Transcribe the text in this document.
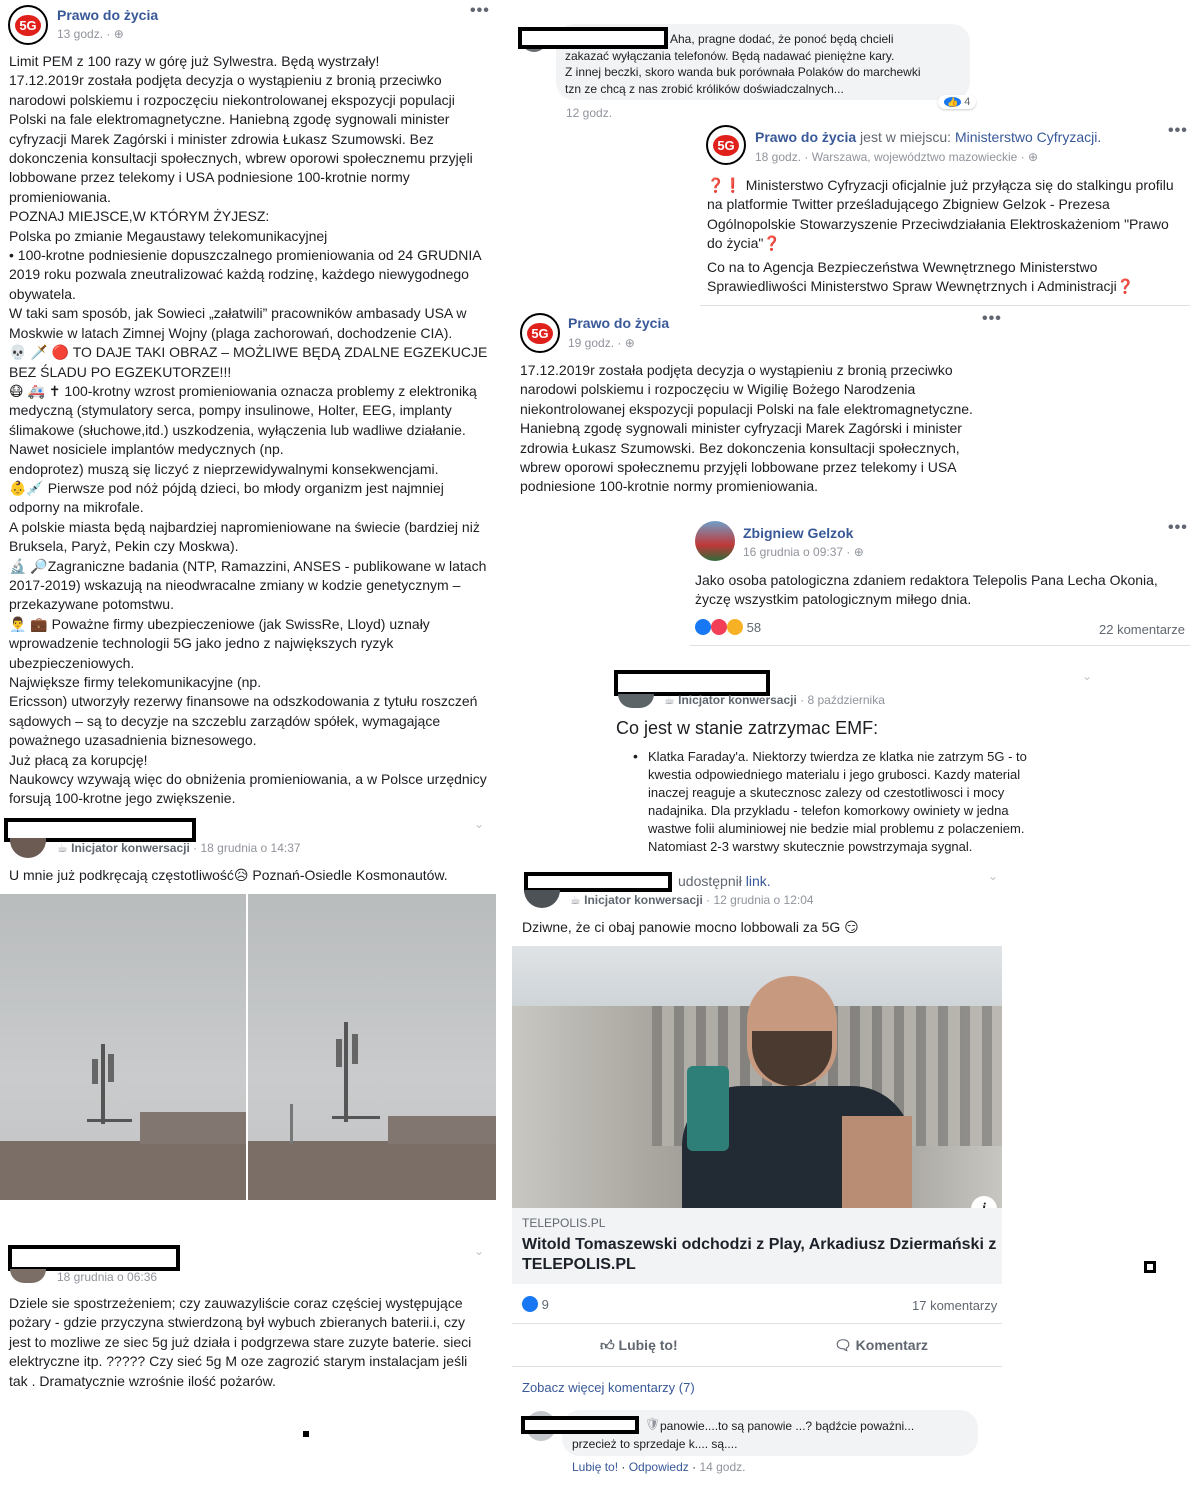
5G
Prawo do życia
13 godz. · ⊕
•••
Limit PEM z 100 razy w górę już Sylwestra. Będą wystrzały!
17.12.2019r została podjęta decyzja o wystąpieniu z bronią przeciwko
narodowi polskiemu i rozpoczęciu niekontrolowanej ekspozycji populacji
Polski na fale elektromagnetyczne. Haniebną zgodę sygnowali minister
cyfryzacji Marek Zagórski i minister zdrowia Łukasz Szumowski. Bez
dokonczenia konsultacji społecznych, wbrew oporowi społecznemu przyjęli
lobbowane przez telekomy i USA podniesione 100-krotnie normy
promieniowania.
POZNAJ MIEJSCE,W KTÓRYM ŻYJESZ:
Polska po zmianie Megaustawy telekomunikacyjnej
• 100-krotne podniesienie dopuszczalnego promieniowania od 24 GRUDNIA
2019 roku pozwala zneutralizować każdą rodzinę, każdego niewygodnego
obywatela.
W taki sam sposób, jak Sowieci „załatwili” pracowników ambasady USA w
Moskwie w latach Zimnej Wojny (plaga zachorowań, dochodzenie CIA).
💀 🗡️ 🔴 TO DAJE TAKI OBRAZ – MOŻLIWE BĘDĄ ZDALNE EGZEKUCJE
BEZ ŚLADU PO EGZEKUTORZE!!!
😷 🚑 ✝ 100-krotny wzrost promieniowania oznacza problemy z elektroniką
medyczną (stymulatory serca, pompy insulinowe, Holter, EEG, implanty
ślimakowe (słuchowe,itd.) uszkodzenia, wyłączenia lub wadliwe działanie.
Nawet nosiciele implantów medycznych (np.
endoprotez) muszą się liczyć z nieprzewidywalnymi konsekwencjami.
👶💉 Pierwsze pod nóż pójdą dzieci, bo młody organizm jest najmniej
odporny na mikrofale.
A polskie miasta będą najbardziej napromieniowane na świecie (bardziej niż
Bruksela, Paryż, Pekin czy Moskwa).
🔬 🔎Zagraniczne badania (NTP, Ramazzini, ANSES - publikowane w latach
2017-2019) wskazują na nieodwracalne zmiany w kodzie genetycznym –
przekazywane potomstwu.
👨‍💼 💼 Poważne firmy ubezpieczeniowe (jak SwissRe, Lloyd) uznały
wprowadzenie technologii 5G jako jedno z największych ryzyk
ubezpieczeniowych.
Największe firmy telekomunikacyjne (np.
Ericsson) utworzyły rezerwy finansowe na odszkodowania z tytułu roszczeń
sądowych – są to decyzje na szczeblu zarządów spółek, wymagające
poważnego uzasadnienia biznesowego.
Już płacą za korupcję!
Naukowcy wzywają więc do obniżenia promieniowania, a w Polsce urzędnicy
forsują 100-krotne jego zwiększenie.
☕ Inicjator konwersacji · 18 grudnia o 14:37
⌄
U mnie już podkręcają częstotliwość😥 Poznań-Osiedle Kosmonautów.
18 grudnia o 06:36
⌄
Dziele sie spostrzeżeniem; czy zauwazyliście coraz częściej występujące
pożary - gdzie przyczyna stwierdzoną był wybuch zbieranych baterii.i, czy
jest to mozliwe ze siec 5g już działa i podgrzewa stare zuzyte baterie. sieci
elektryczne itp. ????? Czy sieć 5g M oze zagrozić starym instalacjam jeśli
tak . Dramatycznie wzrośnie ilość pożarów.
Aha, pragne dodać, że ponoć będą chcieli
zakazać wyłączania telefonów. Będą nadawać pieniężne kary.
Z innej beczki, skoro wanda buk porównała Polaków do marchewki
tzn ze chcą z nas zrobić królików doświadczalnych...
👍 4
12 godz.
5G Prawo do życia jest w miejscu: Ministerstwo Cyfryzacji.
18 godz. · Warszawa, województwo mazowieckie · ⊕
•••
❓❗ Ministerstwo Cyfryzacji oficjalnie już przyłącza się do stalkingu profilu
na platformie Twitter prześladującego Zbigniew Gelzok - Prezesa
Ogólnopolskie Stowarzyszenie Przeciwdziałania Elektroskażeniom "Prawo
do życia"❓
Co na to Agencja Bezpieczeństwa Wewnętrznego Ministerstwo
Sprawiedliwości Ministerstwo Spraw Wewnętrznych i Administracji❓
5G
Prawo do życia
19 godz. · ⊕
•••
17.12.2019r została podjęta decyzja o wystąpieniu z bronią przeciwko
narodowi polskiemu i rozpoczęciu w Wigilię Bożego Narodzenia
niekontrolowanej ekspozycji populacji Polski na fale elektromagnetyczne.
Haniebną zgodę sygnowali minister cyfryzacji Marek Zagórski i minister
zdrowia Łukasz Szumowski. Bez dokonczenia konsultacji społecznych,
wbrew oporowi społecznemu przyjęli lobbowane przez telekomy i USA
podniesione 100-krotnie normy promieniowania.
Zbigniew Gelzok
16 grudnia o 09:37 · ⊕
•••
Jako osoba patologiczna zdaniem redaktora Telepolis Pana Lecha Okonia,
życzę wszystkim patologicznym miłego dnia.
58	22 komentarze
☕ Inicjator konwersacji · 8 października
⌄
Co jest w stanie zatrzymac EMF:
• Klatka Faraday'a. Niektorzy twierdza ze klatka nie zatrzym 5G - to
kwestia odpowiedniego materialu i jego grubosci. Kazdy material
inaczej reaguje a skutecznosc zalezy od czestotliwosci i mocy
nadajnika. Dla przykladu - telefon komorkowy owiniety w jedna
wastwe folii aluminiowej nie bedzie mial problemu z polaczeniem.
Natomiast 2-3 warstwy skutecznie powstrzymaja sygnal.
udostępnił link.
☕ Inicjator konwersacji · 12 grudnia o 12:04
⌄
Dziwne, że ci obaj panowie mocno lobbowali za 5G 😏
TELEPOLIS.PL
Witold Tomaszewski odchodzi z Play, Arkadiusz Dziermański z
TELEPOLIS.PL
9	17 komentarzy
👍︎ Lubię to!	🗨︎ Komentarz
Zobacz więcej komentarzy (7)
🛡 panowie....to są panowie ...? bądźcie poważni...
przecież to sprzedaje k.... są....
Lubię to! · Odpowiedz · 14 godz.
